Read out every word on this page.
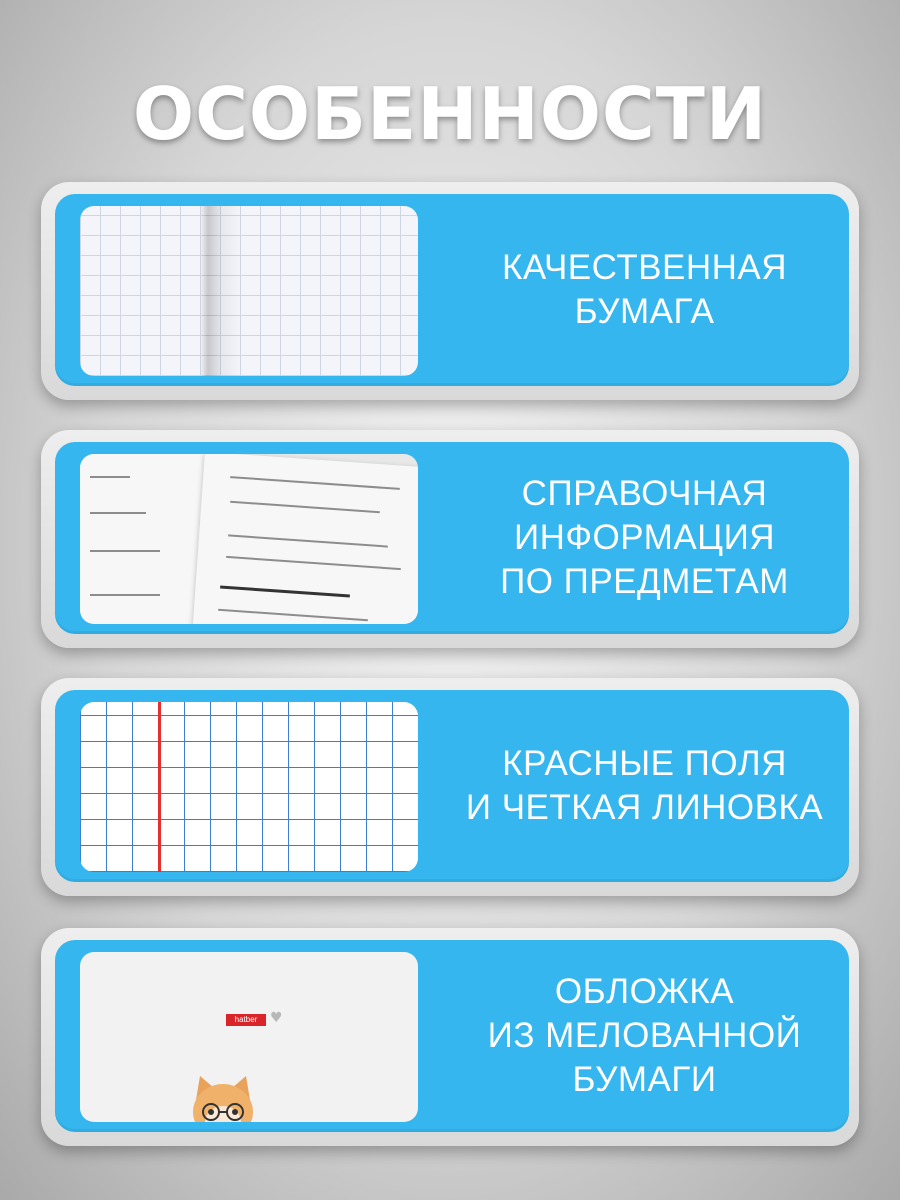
ОСОБЕННОСТИ
КАЧЕСТВЕННАЯ
БУМАГА
СПРАВОЧНАЯ
ИНФОРМАЦИЯ
ПО ПРЕДМЕТАМ
КРАСНЫЕ ПОЛЯ
И ЧЕТКАЯ ЛИНОВКА
hatber ♥
ОБЛОЖКА
ИЗ МЕЛОВАННОЙ
БУМАГИ
